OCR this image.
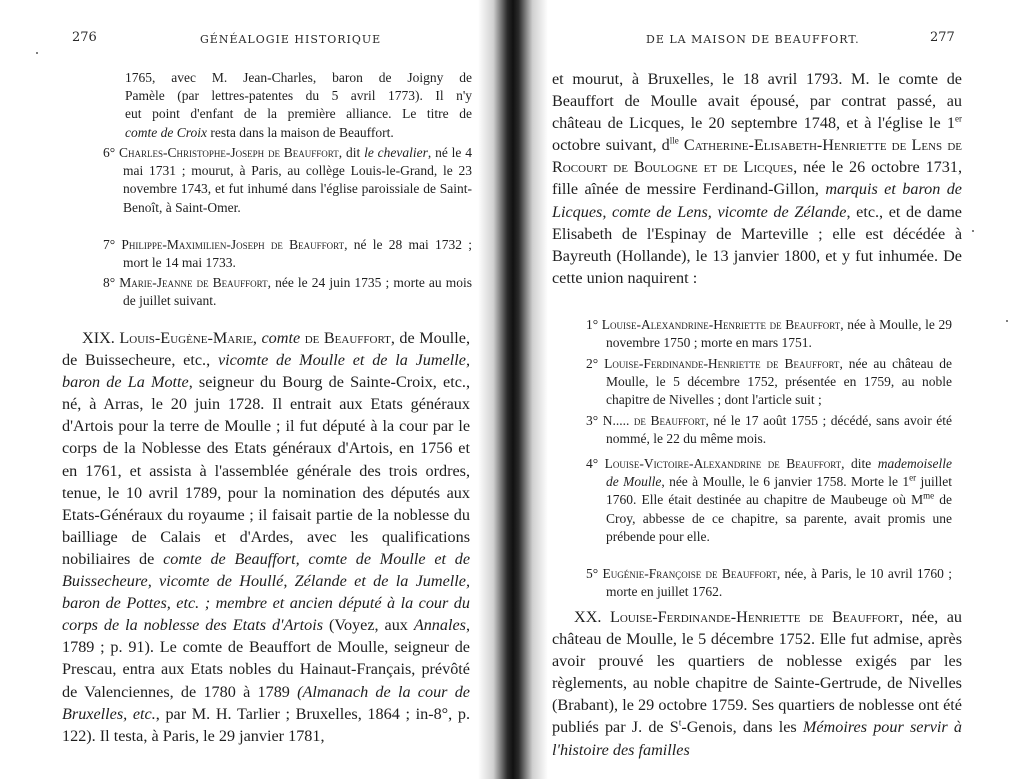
276	GÉNÉALOGIE HISTORIQUE

1765, avec M. Jean-Charles, baron de Joigny de

Pamèle (par lettres-patentes du 5 avril 1773). Il n'y

eut point d'enfant de la première alliance. Le titre de

comte de Croix resta dans la maison de Beauffort.

6° Charles-Christophe-Joseph de Beauffort, dit le chevalier, né le 4 mai 1731 ; mourut, à Paris, au collège Louis-le-Grand, le 23 novembre 1743, et fut inhumé dans l'église paroissiale de Saint-Benoît, à Saint-Omer.

7° Philippe-Maximilien-Joseph de Beauffort, né le 28 mai 1732 ; mort le 14 mai 1733.

8° Marie-Jeanne de Beauffort, née le 24 juin 1735 ; morte au mois de juillet suivant.

XIX. Louis-Eugène-Marie, comte de Beauffort, de Moulle, de Buissecheure, etc., vicomte de Moulle et de la Jumelle, baron de La Motte, seigneur du Bourg de Sainte-Croix, etc., né, à Arras, le 20 juin 1728. Il entrait aux Etats généraux d'Artois pour la terre de Moulle ; il fut député à la cour par le corps de la Noblesse des Etats généraux d'Artois, en 1756 et en 1761, et assista à l'assemblée générale des trois ordres, tenue, le 10 avril 1789, pour la nomination des députés aux Etats-Généraux du royaume ; il faisait partie de la noblesse du bailliage de Calais et d'Ardes, avec les qualifications nobiliaires de comte de Beauffort, comte de Moulle et de Buissecheure, vicomte de Houllé, Zélande et de la Jumelle, baron de Pottes, etc. ; membre et ancien député à la cour du corps de la noblesse des Etats d'Artois (Voyez, aux Annales, 1789 ; p. 91). Le comte de Beauffort de Moulle, seigneur de Prescau, entra aux Etats nobles du Hainaut-Français, prévôté de Valenciennes, de 1780 à 1789 (Almanach de la cour de Bruxelles, etc., par M. H. Tarlier ; Bruxelles, 1864 ; in-8°, p. 122). Il testa, à Paris, le 29 janvier 1781,

DE LA MAISON DE BEAUFFORT.	277

et mourut, à Bruxelles, le 18 avril 1793. M. le comte de Beauffort de Moulle avait épousé, par contrat passé, au château de Licques, le 20 septembre 1748, et à l'église le 1er octobre suivant, $d^{lle}$ Catherine-Elisabeth-Henriette de Lens de Rocourt de Boulogne et de Licques, née le 26 octobre 1731, fille aînée de messire Ferdinand-Gillon, marquis et baron de Licques, comte de Lens, vicomte de Zélande, etc., et de dame Elisabeth de l'Espinay de Marteville ; elle est décédée à Bayreuth (Hollande), le 13 janvier 1800, et y fut inhumée. De cette union naquirent :

1° Louise-Alexandrine-Henriette de Beauffort, née à Moulle, le 29 novembre 1750 ; morte en mars 1751.

2° Louise-Ferdinande-Henriette de Beauffort, née au château de Moulle, le 5 décembre 1752, présentée en 1759, au noble chapitre de Nivelles ; dont l'article suit ;

3° N..... de Beauffort, né le 17 août 1755 ; décédé, sans avoir été nommé, le 22 du même mois.

4° Louise-Victoire-Alexandrine de Beauffort, dite mademoiselle de Moulle, née à Moulle, le 6 janvier 1758. Morte le 1er juillet 1760. Elle était destinée au chapitre de Maubeuge où $M^{me}$ de Croy, abbesse de ce chapitre, sa parente, avait promis une prébende pour elle.

5° Eugénie-Françoise de Beauffort, née, à Paris, le 10 avril 1760 ; morte en juillet 1762.

XX. Louise-Ferdinande-Henriette de Beauffort, née, au château de Moulle, le 5 décembre 1752. Elle fut admise, après avoir prouvé les quartiers de noblesse exigés par les règlements, au noble chapitre de Sainte-Gertrude, de Nivelles (Brabant), le 29 octobre 1759. Ses quartiers de noblesse ont été publiés par J. de $S^t$-Genois, dans les Mémoires pour servir à l'histoire des familles
